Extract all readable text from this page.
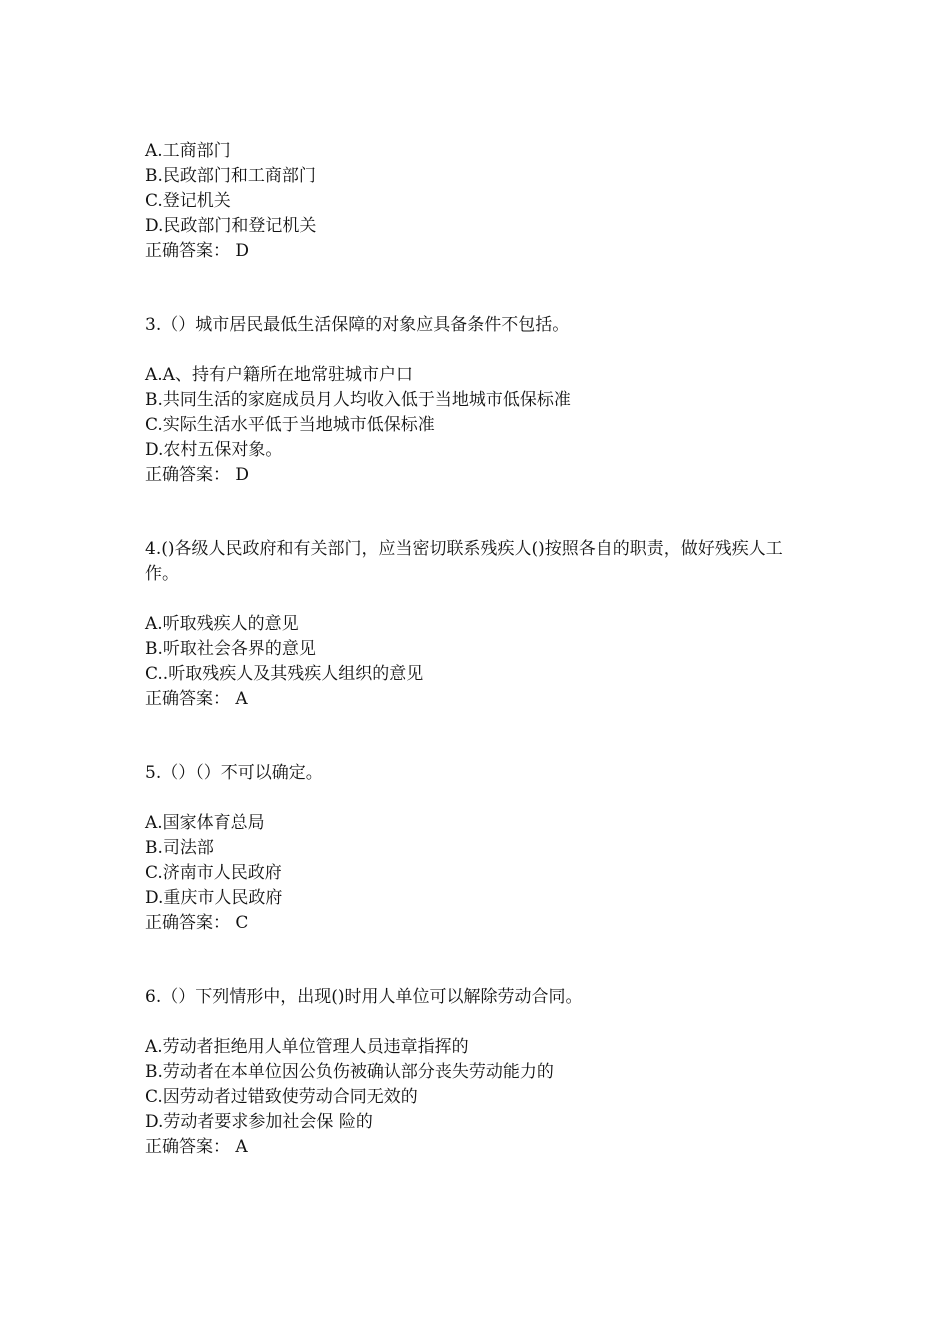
A.工商部门
B.民政部门和工商部门
C.登记机关
D.民政部门和登记机关
正确答案： D
3.（）城市居民最低生活保障的对象应具备条件不包括。
A.A、持有户籍所在地常驻城市户口
B.共同生活的家庭成员月人均收入低于当地城市低保标准
C.实际生活水平低于当地城市低保标准
D.农村五保对象。
正确答案： D
4.()各级人民政府和有关部门，应当密切联系残疾人()按照各自的职责，做好残疾人工作。
A.听取残疾人的意见
B.听取社会各界的意见
C..听取残疾人及其残疾人组织的意见
正确答案： A
5.（）（）不可以确定。
A.国家体育总局
B.司法部
C.济南市人民政府
D.重庆市人民政府
正确答案： C
6.（）下列情形中，出现()时用人单位可以解除劳动合同。
A.劳动者拒绝用人单位管理人员违章指挥的
B.劳动者在本单位因公负伤被确认部分丧失劳动能力的
C.因劳动者过错致使劳动合同无效的
D.劳动者要求参加社会保 险的
正确答案： A
